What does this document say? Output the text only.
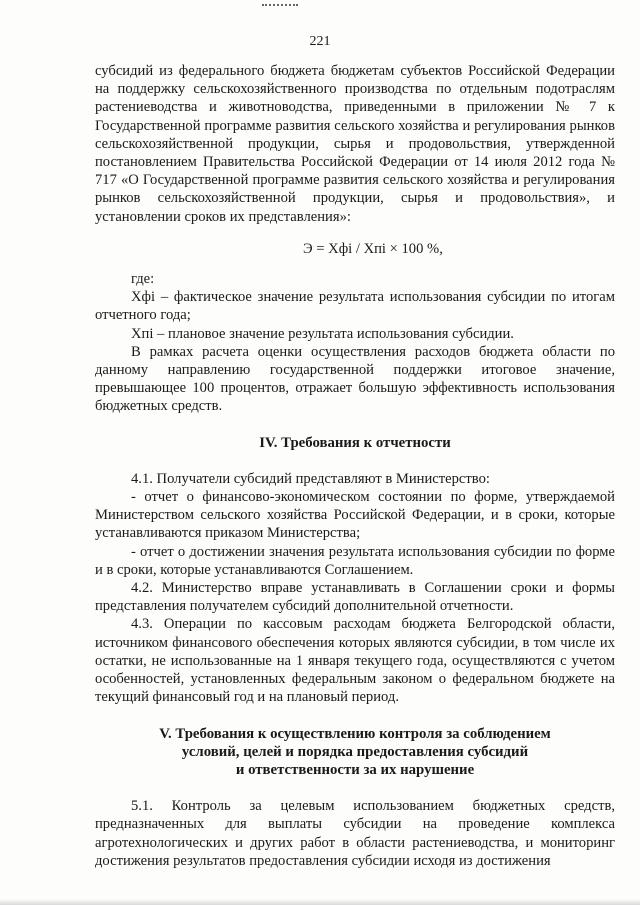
221

субсидий из федерального бюджета бюджетам субъектов Российской Федерации на поддержку сельскохозяйственного производства по отдельным подотраслям растениеводства и животноводства, приведенными в приложении № 7 к Государственной программе развития сельского хозяйства и регулирования рынков сельскохозяйственной продукции, сырья и продовольствия, утвержденной постановлением Правительства Российской Федерации от 14 июля 2012 года № 717 «О Государственной программе развития сельского хозяйства и регулирования рынков сельскохозяйственной продукции, сырья и продовольствия», и установлении сроков их представления»:

Э = Xфi / Xпi × 100 %,

где:

Xфi – фактическое значение результата использования субсидии по итогам отчетного года;

Xпi – плановое значение результата использования субсидии.

В рамках расчета оценки осуществления расходов бюджета области по данному направлению государственной поддержки итоговое значение, превышающее 100 процентов, отражает большую эффективность использования бюджетных средств.

IV. Требования к отчетности

4.1. Получатели субсидий представляют в Министерство:

- отчет о финансово-экономическом состоянии по форме, утверждаемой Министерством сельского хозяйства Российской Федерации, и в сроки, которые устанавливаются приказом Министерства;

- отчет о достижении значения результата использования субсидии по форме и в сроки, которые устанавливаются Соглашением.

4.2. Министерство вправе устанавливать в Соглашении сроки и формы представления получателем субсидий дополнительной отчетности.

4.3. Операции по кассовым расходам бюджета Белгородской области, источником финансового обеспечения которых являются субсидии, в том числе их остатки, не использованные на 1 января текущего года, осуществляются с учетом особенностей, установленных федеральным законом о федеральном бюджете на текущий финансовый год и на плановый период.

V. Требования к осуществлению контроля за соблюдением
условий, целей и порядка предоставления субсидий
и ответственности за их нарушение

5.1. Контроль за целевым использованием бюджетных средств, предназначенных для выплаты субсидии на проведение комплекса агротехнологических и других работ в области растениеводства, и мониторинг достижения результатов предоставления субсидии исходя из достижения
